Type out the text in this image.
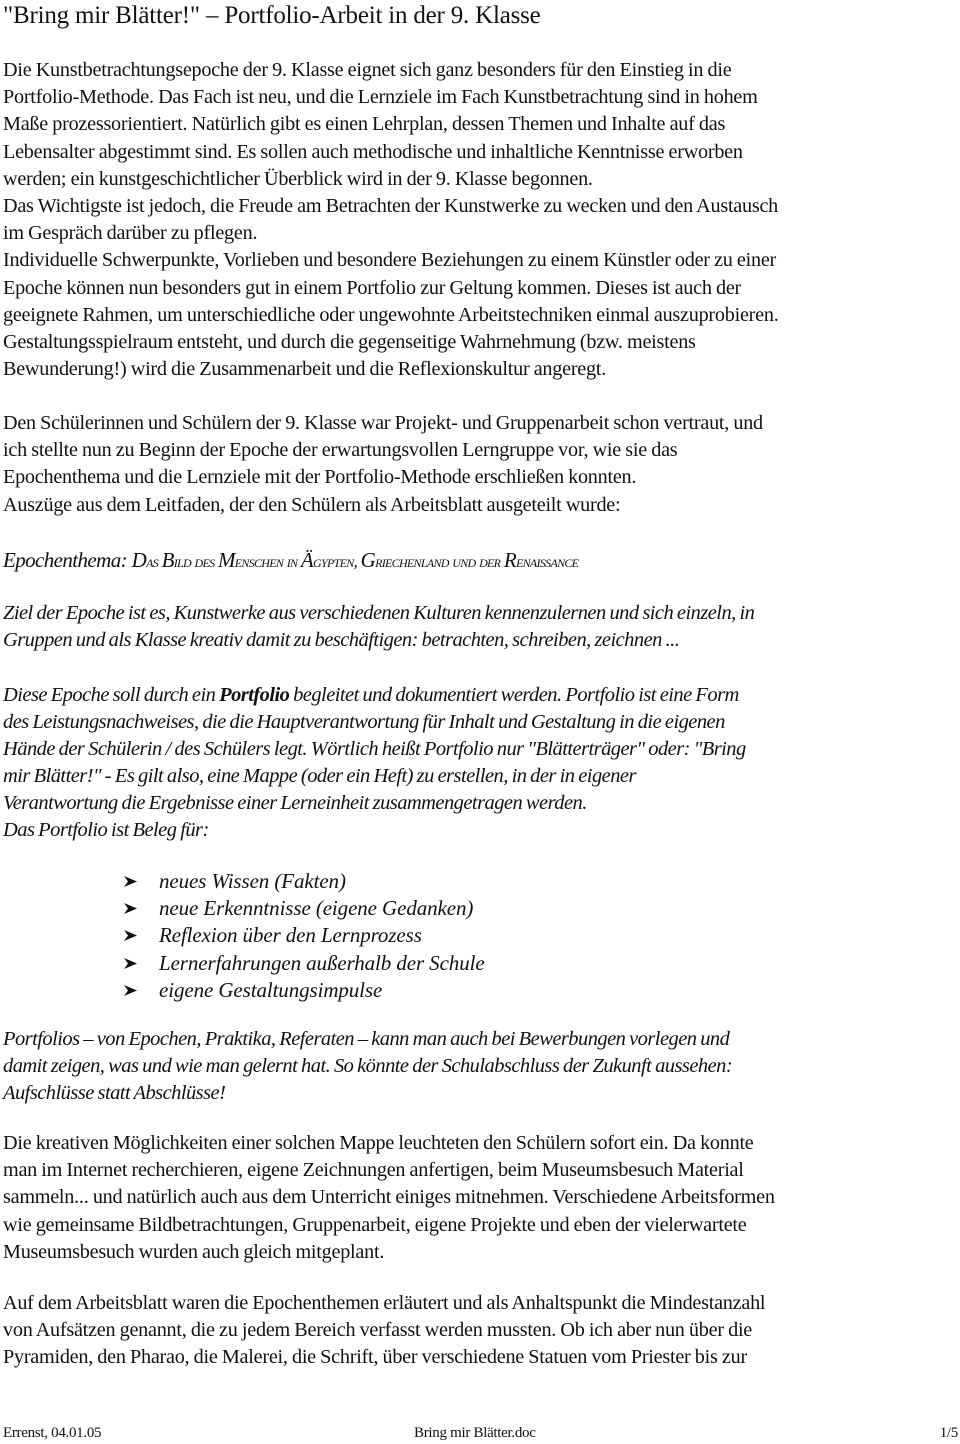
"Bring mir Blätter!" – Portfolio-Arbeit in der 9. Klasse
Die Kunstbetrachtungsepoche der 9. Klasse eignet sich ganz besonders für den Einstieg in die
Portfolio-Methode. Das Fach ist neu, und die Lernziele im Fach Kunstbetrachtung sind in hohem
Maße prozessorientiert. Natürlich gibt es einen Lehrplan, dessen Themen und Inhalte auf das
Lebensalter abgestimmt sind. Es sollen auch methodische und inhaltliche Kenntnisse erworben
werden; ein kunstgeschichtlicher Überblick wird in der 9. Klasse begonnen.
Das Wichtigste ist jedoch, die Freude am Betrachten der Kunstwerke zu wecken und den Austausch
im Gespräch darüber zu pflegen.
Individuelle Schwerpunkte, Vorlieben und besondere Beziehungen zu einem Künstler oder zu einer
Epoche können nun besonders gut in einem Portfolio zur Geltung kommen. Dieses ist auch der
geeignete Rahmen, um unterschiedliche oder ungewohnte Arbeitstechniken einmal auszuprobieren.
Gestaltungsspielraum entsteht, und durch die gegenseitige Wahrnehmung (bzw. meistens
Bewunderung!) wird die Zusammenarbeit und die Reflexionskultur angeregt.
Den Schülerinnen und Schülern der 9. Klasse war Projekt- und Gruppenarbeit schon vertraut, und
ich stellte nun zu Beginn der Epoche der erwartungsvollen Lerngruppe vor, wie sie das
Epochenthema und die Lernziele mit der Portfolio-Methode erschließen konnten.
Auszüge aus dem Leitfaden, der den Schülern als Arbeitsblatt ausgeteilt wurde:
Epochenthema: Das Bild des Menschen in Ägypten, Griechenland und der Renaissance
Ziel der Epoche ist es, Kunstwerke aus verschiedenen Kulturen kennenzulernen und sich einzeln, in
Gruppen und als Klasse kreativ damit zu beschäftigen: betrachten, schreiben, zeichnen ...
Diese Epoche soll durch ein Portfolio begleitet und dokumentiert werden. Portfolio ist eine Form
des Leistungsnachweises, die die Hauptverantwortung für Inhalt und Gestaltung in die eigenen
Hände der Schülerin / des Schülers legt. Wörtlich heißt Portfolio nur "Blätterträger" oder: "Bring
mir Blätter!" - Es gilt also, eine Mappe (oder ein Heft) zu erstellen, in der in eigener
Verantwortung die Ergebnisse einer Lerneinheit zusammengetragen werden.
Das Portfolio ist Beleg für:
neues Wissen (Fakten)
neue Erkenntnisse (eigene Gedanken)
Reflexion über den Lernprozess
Lernerfahrungen außerhalb der Schule
eigene Gestaltungsimpulse
Portfolios – von Epochen, Praktika, Referaten – kann man auch bei Bewerbungen vorlegen und
damit zeigen, was und wie man gelernt hat. So könnte der Schulabschluss der Zukunft aussehen:
Aufschlüsse statt Abschlüsse!
Die kreativen Möglichkeiten einer solchen Mappe leuchteten den Schülern sofort ein. Da konnte
man im Internet recherchieren, eigene Zeichnungen anfertigen, beim Museumsbesuch Material
sammeln... und natürlich auch aus dem Unterricht einiges mitnehmen. Verschiedene Arbeitsformen
wie gemeinsame Bildbetrachtungen, Gruppenarbeit, eigene Projekte und eben der vielerwartete
Museumsbesuch wurden auch gleich mitgeplant.
Auf dem Arbeitsblatt waren die Epochenthemen erläutert und als Anhaltspunkt die Mindestanzahl
von Aufsätzen genannt, die zu jedem Bereich verfasst werden mussten. Ob ich aber nun über die
Pyramiden, den Pharao, die Malerei, die Schrift, über verschiedene Statuen vom Priester bis zur
Errenst, 04.01.05	Bring mir Blätter.doc	1/5
